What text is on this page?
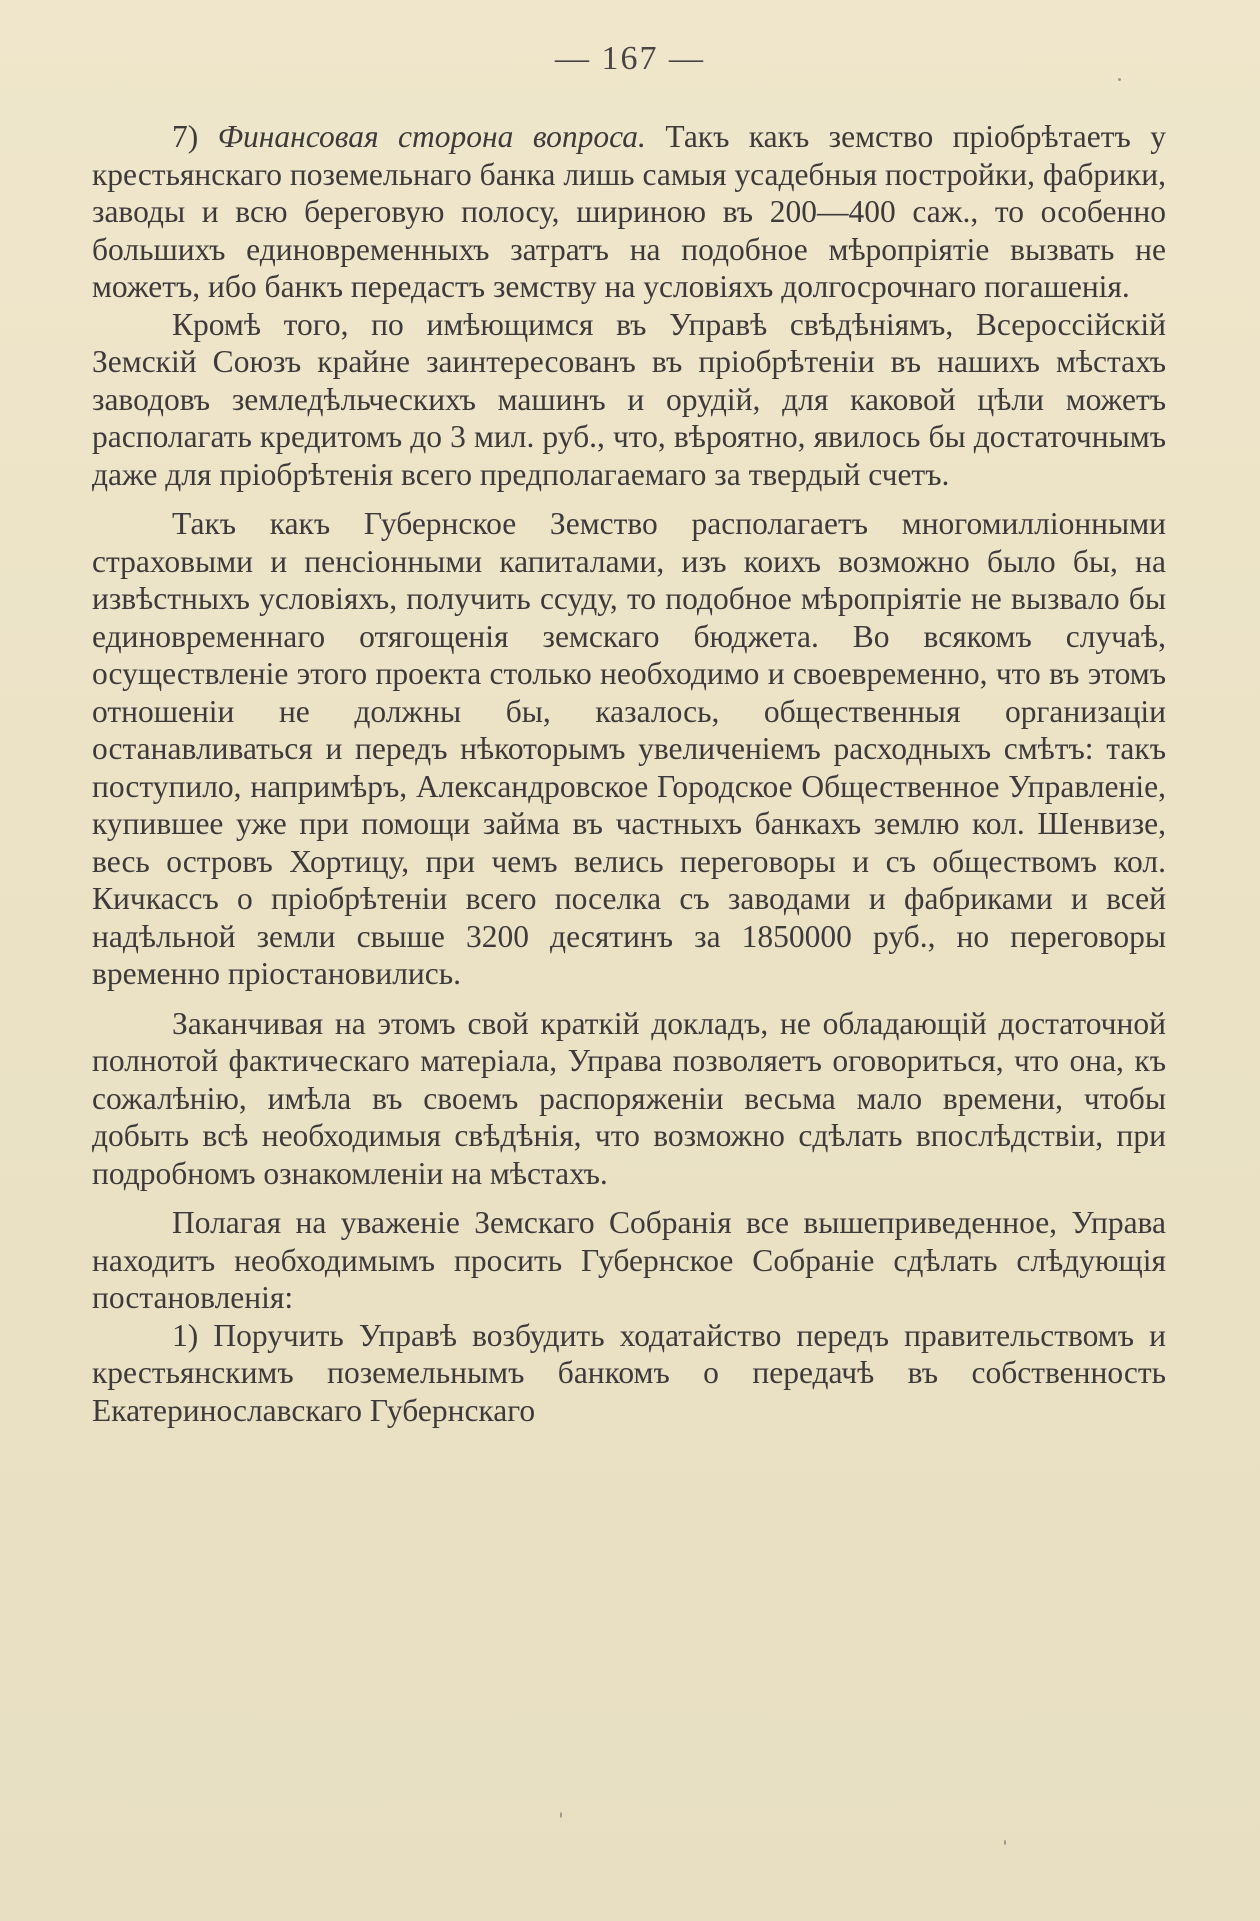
— 167 —

7) Финансовая сторона вопроса. Такъ какъ земство пріобрѣтаетъ у крестьянскаго поземельнаго банка лишь самыя усадебныя постройки, фабрики, заводы и всю береговую полосу, шириною въ 200—400 саж., то особенно большихъ единовременныхъ затратъ на подобное мѣропріятіе вызвать не можетъ, ибо банкъ передастъ земству на условіяхъ долгосрочнаго погашенія.

Кромѣ того, по имѣющимся въ Управѣ свѣдѣніямъ, Всероссійскій Земскій Союзъ крайне заинтересованъ въ пріобрѣтеніи въ нашихъ мѣстахъ заводовъ земледѣльческихъ машинъ и орудій, для каковой цѣли можетъ располагать кредитомъ до 3 мил. руб., что, вѣроятно, явилось бы достаточнымъ даже для пріобрѣтенія всего предполагаемаго за твердый счетъ.

Такъ какъ Губернское Земство располагаетъ многомилліонными страховыми и пенсіонными капиталами, изъ коихъ возможно было бы, на извѣстныхъ условіяхъ, получить ссуду, то подобное мѣропріятіе не вызвало бы единовременнаго отягощенія земскаго бюджета. Во всякомъ случаѣ, осуществленіе этого проекта столько необходимо и своевременно, что въ этомъ отношеніи не должны бы, казалось, общественныя организаціи останавливаться и передъ нѣкоторымъ увеличеніемъ расходныхъ смѣтъ: такъ поступило, напримѣръ, Александровское Городское Общественное Управленіе, купившее уже при помощи займа въ частныхъ банкахъ землю кол. Шенвизе, весь островъ Хортицу, при чемъ велись переговоры и съ обществомъ кол. Кичкассъ о пріобрѣтеніи всего поселка съ заводами и фабриками и всей надѣльной земли свыше 3200 десятинъ за 1850000 руб., но переговоры временно пріостановились.

Заканчивая на этомъ свой краткій докладъ, не обладающій достаточной полнотой фактическаго матеріала, Управа позволяетъ оговориться, что она, къ сожалѣнію, имѣла въ своемъ распоряженіи весьма мало времени, чтобы добыть всѣ необходимыя свѣдѣнія, что возможно сдѣлать впослѣдствіи, при подробномъ ознакомленіи на мѣстахъ.

Полагая на уваженіе Земскаго Собранія все вышеприведенное, Управа находитъ необходимымъ просить Губернское Собраніе сдѣлать слѣдующія постановленія:

1) Поручить Управѣ возбудить ходатайство передъ правительствомъ и крестьянскимъ поземельнымъ банкомъ о передачѣ въ собственность Екатеринославскаго Губернскаго
